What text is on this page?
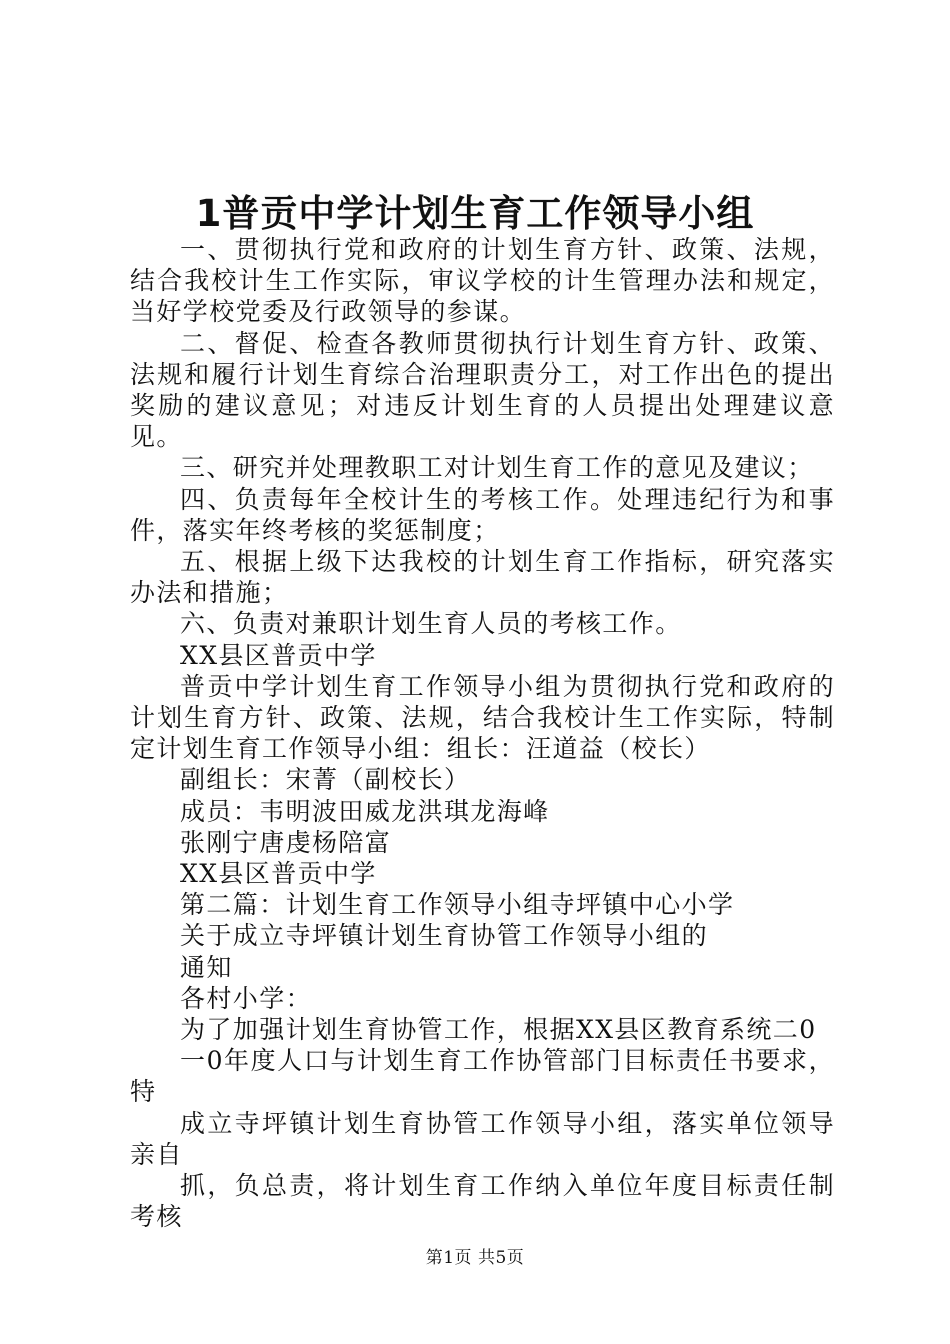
1普贡中学计划生育工作领导小组

一、贯彻执行党和政府的计划生育方针、政策、法规，结合我校计生工作实际，审议学校的计生管理办法和规定，当好学校党委及行政领导的参谋。

二、督促、检查各教师贯彻执行计划生育方针、政策、法规和履行计划生育综合治理职责分工，对工作出色的提出奖励的建议意见；对违反计划生育的人员提出处理建议意见。

三、研究并处理教职工对计划生育工作的意见及建议；

四、负责每年全校计生的考核工作。处理违纪行为和事件，落实年终考核的奖惩制度；

五、根据上级下达我校的计划生育工作指标，研究落实办法和措施；

六、负责对兼职计划生育人员的考核工作。

XX县区普贡中学

普贡中学计划生育工作领导小组为贯彻执行党和政府的计划生育方针、政策、法规，结合我校计生工作实际，特制定计划生育工作领导小组：组长：汪道益（校长）

副组长：宋菁（副校长）

成员：韦明波田威龙洪琪龙海峰

张刚宁唐虔杨陪富

XX县区普贡中学

第二篇：计划生育工作领导小组寺坪镇中心小学

关于成立寺坪镇计划生育协管工作领导小组的

通知

各村小学：

为了加强计划生育协管工作，根据XX县区教育系统二0

一0年度人口与计划生育工作协管部门目标责任书要求，特

成立寺坪镇计划生育协管工作领导小组，落实单位领导亲自

抓，负总责，将计划生育工作纳入单位年度目标责任制考核

第1页 共5页
